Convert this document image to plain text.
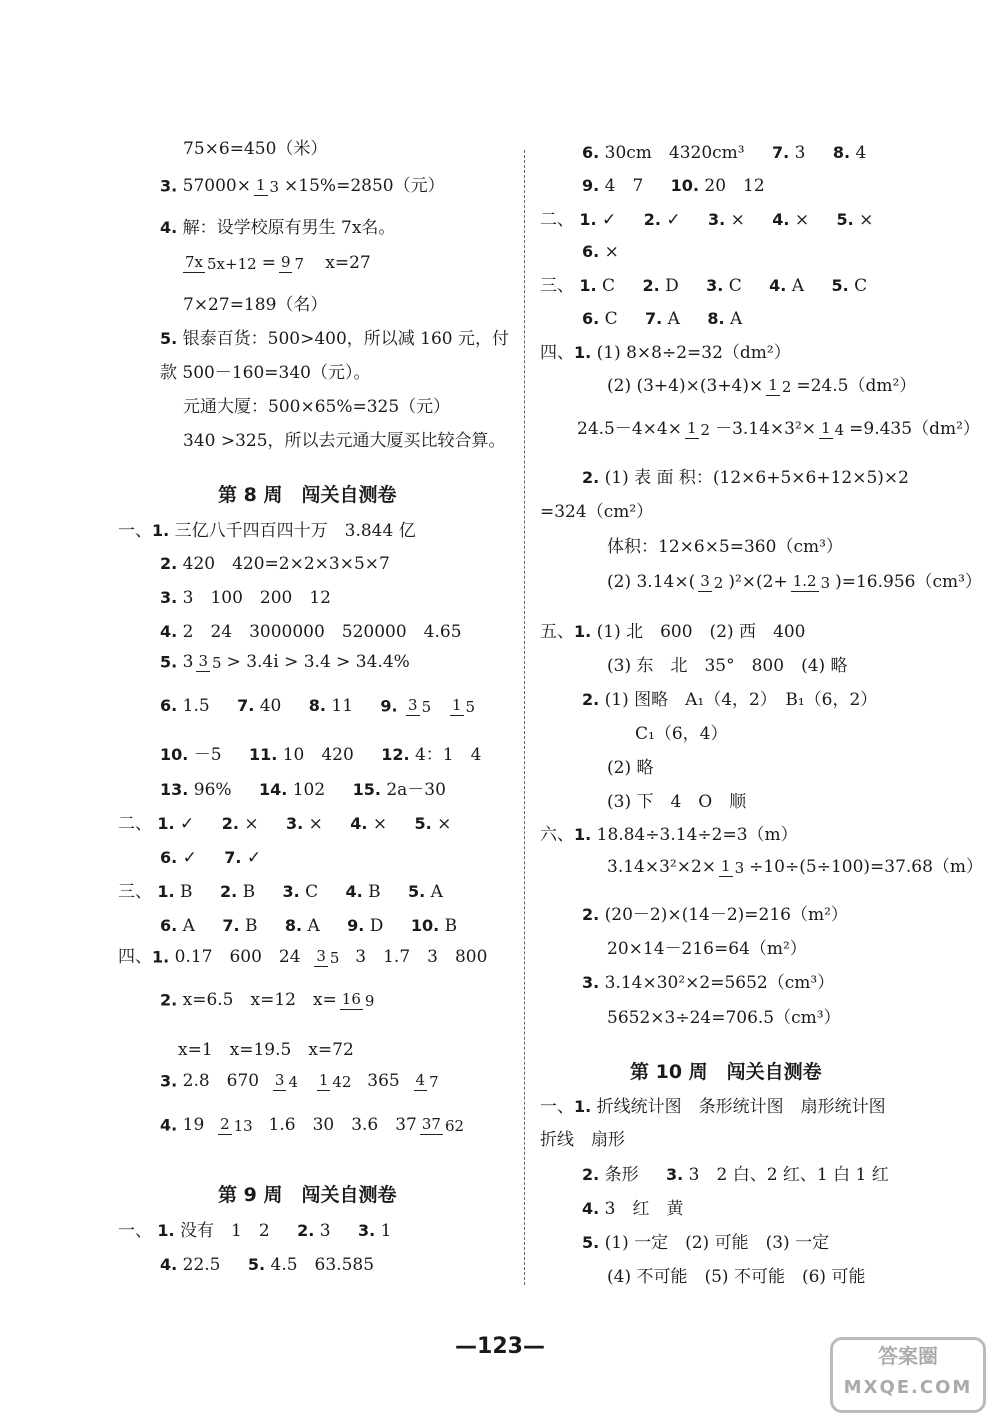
75×6=450（米）
3. 57000× 1 3 ×15%=2850（元）
4. 解：设学校原有男生 7x名。
7x 5x+12 = 9 7 x=27
7×27=189（名）
5. 银泰百货：500>400，所以减 160 元，付
款 500－160=340（元）。
元通大厦：500×65%=325（元）
340 >325，所以去元通大厦买比较合算。
第 8 周　闯关自测卷
一、1. 三亿八千四百四十万　3.844 亿
2. 420　420=2×2×3×5×7
3. 3　100　200　12
4. 2　24　3000000　520000　4.65
5. 3 3 5 > 3.4i̇ > 3.4 > 34.4%
6. 1.5 7. 40 8. 11 9. 3 5 1 5
10. －5 11. 10　420 12. 4：1　4
13. 96% 14. 102 15. 2a－30
二、 1. ✓ 2. × 3. × 4. × 5. ×
6. ✓ 7. ✓
三、 1. B 2. B 3. C 4. B 5. A
6. A 7. B 8. A 9. D 10. B
四、1. 0.17　600　24 3 5 3　1.7　3　800
2. x=6.5　x=12　x= 16 9
x=1　x=19.5　x=72
3. 2.8　670 3 4 1 42 365 4 7
4. 19 2 13 1.6　30　3.6　37 37 62
第 9 周　闯关自测卷
一、 1. 没有　1　2 2. 3 3. 1
4. 22.5 5. 4.5　63.585
6. 30cm　4320cm³ 7. 3 8. 4
9. 4　7 10. 20　12
二、 1. ✓ 2. ✓ 3. × 4. × 5. ×
6. ×
三、 1. C 2. D 3. C 4. A 5. C
6. C 7. A 8. A
四、1. (1) 8×8÷2=32（dm²）
(2) (3+4)×(3+4)× 1 2 =24.5（dm²）
24.5－4×4× 1 2 －3.14×3²× 1 4 =9.435（dm²）
2. (1) 表 面 积：(12×6+5×6+12×5)×2
=324（cm²）
体积：12×6×5=360（cm³）
(2) 3.14×( 3 2 )²×(2+ 1.2 3 )=16.956（cm³）
五、1. (1) 北　600　(2) 西　400
(3) 东　北　35°　800　(4) 略
2. (1) 图略　A₁（4，2）　B₁（6，2）
C₁（6，4）
(2) 略
(3) 下　4　O　顺
六、1. 18.84÷3.14÷2=3（m）
3.14×3²×2× 1 3 ÷10÷(5÷100)=37.68（m）
2. (20－2)×(14－2)=216（m²）
20×14－216=64（m²）
3. 3.14×30²×2=5652（cm³）
5652×3÷24=706.5（cm³）
第 10 周　闯关自测卷
一、1. 折线统计图　条形统计图　扇形统计图
折线　扇形
2. 条形 3. 3　2 白、2 红、1 白 1 红
4. 3　红　黄
5. (1) 一定　(2) 可能　(3) 一定
(4) 不可能　(5) 不可能　(6) 可能
—123—	答案圈
MXQE.COM
